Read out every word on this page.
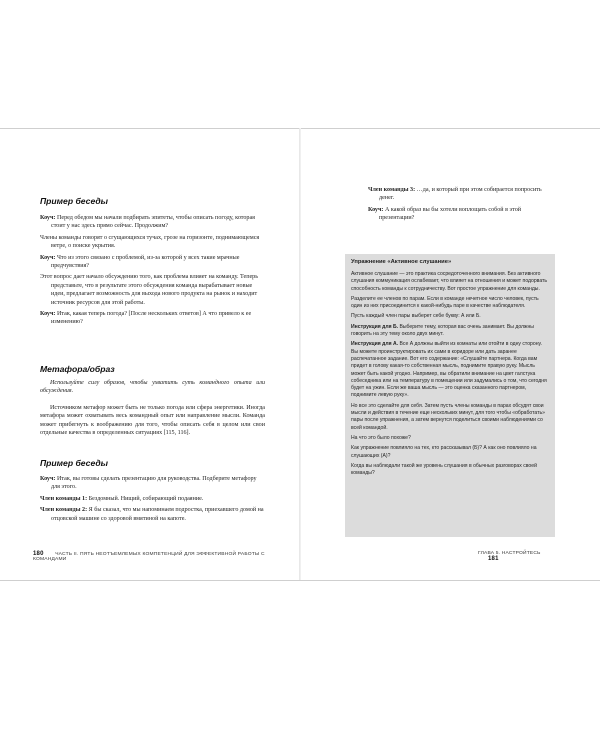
Пример беседы

Коуч: Перед обедом мы начали подбирать эпитеты, чтобы описать погоду, которая стоит у нас здесь прямо сейчас. Продолжим?

Члены команды говорят о сгущающихся тучах, грозе на горизонте, поднимающемся ветре, о поиске укрытия.

Коуч: Что из этого связано с проблемой, из-за которой у всех такие мрачные предчувствия?

Этот вопрос дает начало обсуждению того, как проблема влияет на команду. Теперь представьте, что в результате этого обсуждения команда вырабатывает новые идеи, предлагает возможность для выхода нового продукта на рынок и находит источник ресурсов для этой работы.

Коуч: Итак, какая теперь погода? [После нескольких ответов] А что привело к ее изменению?

Метафора/образ

Используйте силу образов, чтобы ухватить суть командного опыта или обсуждения.

Источником метафор может быть не только погода или сфера энергетики. Иногда метафора может охватывать весь командный опыт или направление мысли. Команда может прибегнуть к воображению для того, чтобы описать себя в целом или свои отдельные качества в определенных ситуациях [115, 116].

Пример беседы

Коуч: Итак, вы готовы сделать презентацию для руководства. Подберите метафору для этого.

Член команды 1: Бездомный. Нищий, собирающий подаяние.

Член команды 2: Я бы сказал, что мы напоминаем подростка, приехавшего домой на отцовской машине со здоровой вмятиной на капоте.

180 ЧАСТЬ II. ПЯТЬ НЕОТЪЕМЛЕМЫХ КОМПЕТЕНЦИЙ ДЛЯ ЭФФЕКТИВНОЙ РАБОТЫ С КОМАНДАМИ

Член команды 3: …да, и который при этом собирается попросить денег.

Коуч: А какой образ вы бы хотели воплощать собой в этой презентации?

Упражнение «Активное слушание»

Активное слушание — это практика сосредоточенного внимания. Без активного слушания коммуникация ослабевает, что влияет на отношения и может подорвать способность команды к сотрудничеству. Вот простое упражнение для команды.

Разделите ее членов по парам. Если в команде нечетное число человек, пусть один из них присоединится к какой-нибудь паре в качестве наблюдателя.

Пусть каждый член пары выберет себе букву: А или Б.

Инструкция для Б. Выберите тему, которая вас очень занимает. Вы должны говорить на эту тему около двух минут.

Инструкция для А. Все А должны выйти из комнаты или отойти в одну сторону. Вы можете проинструктировать их сами в коридоре или дать заранее распечатанное задание. Вот его содержание: «Слушайте партнера. Когда вам придет в голову какая-то собственная мысль, поднимите правую руку. Мысль может быть какой угодно. Например, вы обратили внимание на цвет галстука собеседника или на температуру в помещении или задумались о том, что сегодня будет на ужин. Если же ваша мысль — это оценка сказанного партнером, поднимите левую руку».

Но все это сделайте для себя. Затем пусть члены команды в парах обсудят свои мысли и действия в течение еще нескольких минут, для того чтобы «обработать» пары после упражнения, а затем вернутся поделиться своими наблюдениями со всей командой.

На что это было похоже?

Как упражнение повлияло на тех, кто рассказывал (Б)? А как оно повлияло на слушающих (А)?

Когда вы наблюдали такой же уровень слушания в обычных разговорах своей команды?

ГЛАВА 5. НАСТРОЙТЕСЬ 181
